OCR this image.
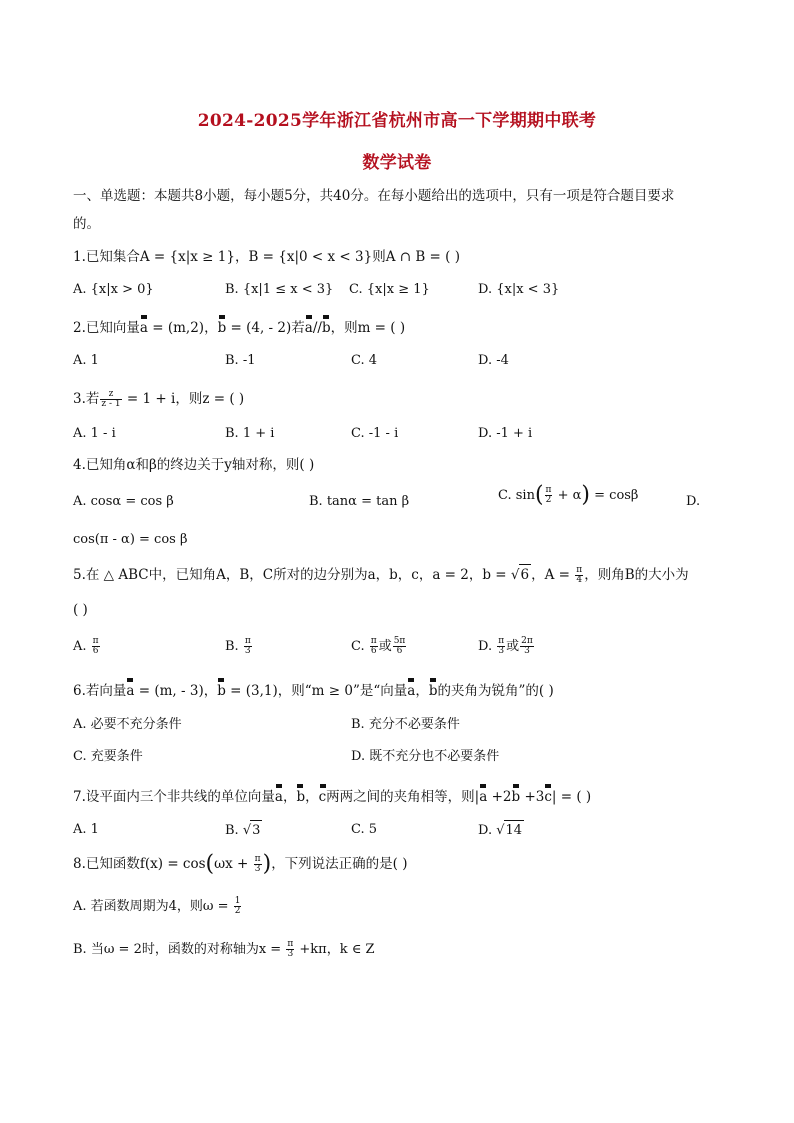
2024-2025学年浙江省杭州市高一下学期期中联考
数学试卷
一、单选题：本题共8小题，每小题5分，共40分。在每小题给出的选项中，只有一项是符合题目要求
的。
1.已知集合A = {x|x ≥ 1}，B = {x|0 < x < 3}则A ∩ B = ( )
A. {x|x > 0}	B. {x|1 ≤ x < 3} C. {x|x ≥ 1}	D. {x|x < 3}
2.已知向量a = (m,2)，b = (4, - 2)若a//b，则m = ( )
A. 1	B. -1	C. 4	D. -4
3.若 $\frac{z}{z - 1} = 1 + i$，则z = ( )
A. 1 - i	B. 1 + i	C. -1 - i	D. -1 + i
4.已知角α和β的终边关于y轴对称，则( )
A. cosα = cos β	B. tanα = tan β	C. $\sin( \frac{\pi}{2} + \alpha) = \cos\beta$	D.
cos(π - α) = cos β
5.在 △ ABC中，已知角A，B，C所对的边分别为a，b，c，a = 2，b = √6 ，$A = \frac{\pi}{4}$ ，则角B的大小为
( )
A. $\frac{\pi}{6}$	B. $\frac{\pi}{3}$	C. $\frac{\pi}{6}$ 或 $\frac{5\pi}{6}$	D. $\frac{\pi}{3}$ 或 $\frac{2\pi}{3}$
6.若向量a = (m, - 3)，b = (3,1)，则“m ≥ 0”是“向量a，b的夹角为锐角”的( )
A. 必要不充分条件	B. 充分不必要条件
C. 充要条件	D. 既不充分也不必要条件
7.设平面内三个非共线的单位向量a，b，c两两之间的夹角相等，则|a +2b +3c| = ( )
A. 1	B. √3	C. 5	D. √14
8.已知函数$f(x) = \cos(\omega x + \frac{\pi}{3}$ )，下列说法正确的是( )
A. 若函数周期为4，则$\omega = \frac{1}{2}$
B. 当ω = 2时，函数的对称轴为$x = \frac{\pi}{3} +k\pi$，k ∈ Z
